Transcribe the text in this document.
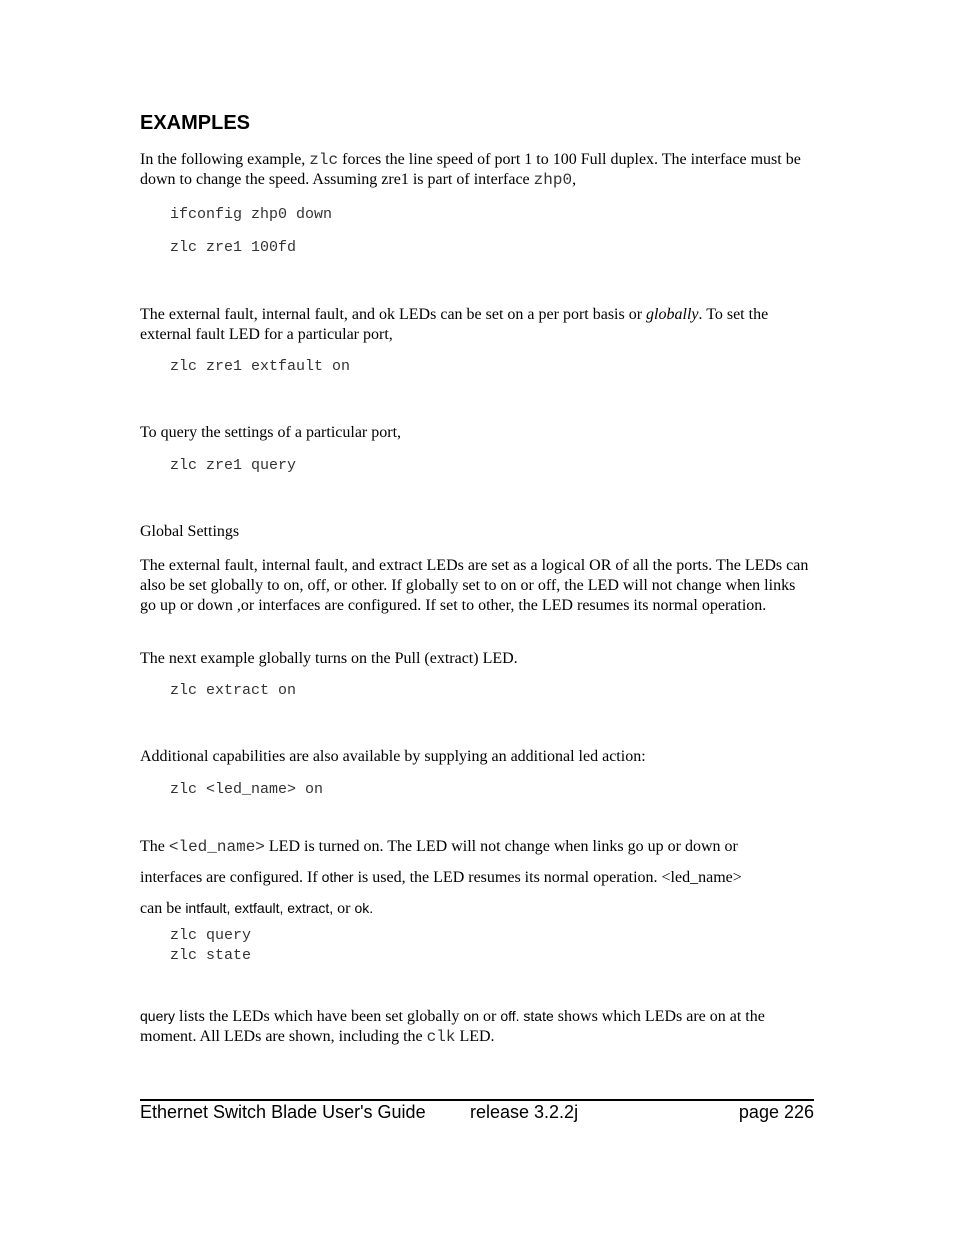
EXAMPLES
In the following example, zlc forces the line speed of port 1 to 100 Full duplex. The interface must be down to change the speed. Assuming zre1 is part of interface zhp0,
ifconfig zhp0 down
zlc zre1 100fd
The external fault, internal fault, and ok LEDs can be set on a per port basis or globally. To set the external fault LED for a particular port,
zlc zre1 extfault on
To query the settings of a particular port,
zlc zre1 query
Global Settings
The external fault, internal fault, and extract LEDs are set as a logical OR of all the ports. The LEDs can also be set globally to on, off, or other. If globally set to on or off, the LED will not change when links go up or down ,or interfaces are configured. If set to other, the LED resumes its normal operation.
The next example globally turns on the Pull (extract) LED.
zlc extract on
Additional capabilities are also available by supplying an additional led action:
zlc <led_name> on
The <led_name> LED is turned on. The LED will not change when links go up or down or
interfaces are configured. If other is used, the LED resumes its normal operation. <led_name>
can be intfault, extfault, extract, or ok.
zlc query
zlc state
query lists the LEDs which have been set globally on or off. state shows which LEDs are on at the moment. All LEDs are shown, including the clk LED.
Ethernet Switch Blade User's Guide release 3.2.2j	page 226
